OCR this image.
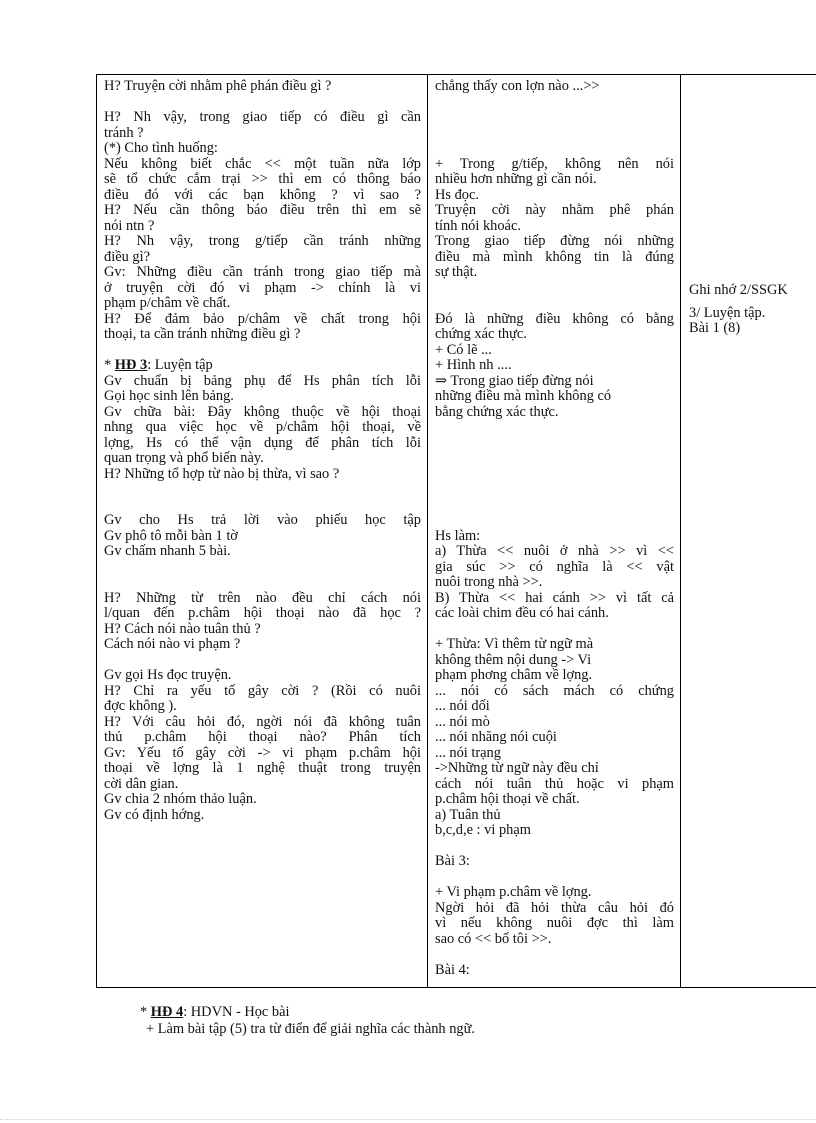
H? Truyện cời nhằm phê phán điều gì ?
H? Nh vậy, trong giao tiếp có điều gì cần
tránh ?
(*) Cho tình huống:
Nếu không biết chắc << một tuần nữa lớp
sẽ tổ chức cắm trại >> thì em có thông báo
điều đó với các bạn không ? vì sao ?
H? Nếu cần thông báo điều trên thì em sẽ
nói ntn ?
H? Nh vậy, trong g/tiếp cần tránh những
điều gì?
Gv: Những điều cần tránh trong giao tiếp mà
ở truyện cời đó vi phạm -> chính là vi
phạm p/châm về chất.
H? Để đảm bảo p/châm về chất trong hội
thoại, ta cần tránh những điều gì ?
* HĐ 3: Luyện tập
Gv chuẩn bị bảng phụ để Hs phân tích lỗi
Gọi học sinh lên bảng.
Gv chữa bài: Đây không thuộc về hội thoại
nhng qua việc học về p/châm hội thoại, về
lợng, Hs có thể vận dụng để phân tích lỗi
quan trọng và phổ biến này.
H? Những tổ hợp từ nào bị thừa, vì sao ?
Gv cho Hs trả lời vào phiếu học tập
Gv phô tô mỗi bàn 1 tờ
Gv chấm nhanh 5 bài.
H? Những từ trên nào đều chỉ cách nói
l/quan đến p.châm hội thoại nào đã học ?
H? Cách nói nào tuân thủ ?
Cách nói nào vi phạm ?
Gv gọi Hs đọc truyện.
H? Chỉ ra yếu tố gây cời ? (Rồi có nuôi
đợc không ).
H? Với câu hỏi đó, ngời nói đã không tuân
thủ p.châm hội thoại nào? Phân tích
Gv: Yếu tố gây cời -> vi phạm p.châm hội
thoại về lợng là 1 nghệ thuật trong truyện
cời dân gian.
Gv chia 2 nhóm thảo luận.
Gv có định hớng.
chẳng thấy con lợn nào ...>>
+ Trong g/tiếp, không nên nói
nhiều hơn những gì cần nói.
Hs đọc.
Truyện cời này nhằm phê phán
tính nói khoác.
Trong giao tiếp đừng nói những
điều mà mình không tin là đúng
sự thật.
Đó là những điều không có bằng
chứng xác thực.
+ Có lẽ ...
+ Hình nh ....
⇒ Trong giao tiếp đừng nói
những điều mà mình không có
bằng chứng xác thực.
Hs làm:
a) Thừa << nuôi ở nhà >> vì <<
gia súc >> có nghĩa là << vật
nuôi trong nhà >>.
B) Thừa << hai cánh >> vì tất cả
các loài chim đều có hai cánh.
+ Thừa: Vì thêm từ ngữ mà
không thêm nội dung -> Vi
phạm phơng châm về lợng.
... nói có sách mách có chứng
... nói dối
... nói mò
... nói nhăng nói cuội
... nói trạng
->Những từ ngữ này đều chỉ
cách nói tuân thủ hoặc vi phạm
p.châm hội thoại về chất.
a) Tuân thủ
b,c,d,e : vi phạm
Bài 3:
+ Vi phạm p.châm về lợng.
Ngời hỏi đã hỏi thừa câu hỏi đó
vì nếu không nuôi đợc thì làm
sao có << bố tôi >>.
Bài 4:
Ghi nhớ 2/SSGK
3/ Luyện tập.
Bài 1 (8)
* HĐ 4: HDVN - Học bài
+ Làm bài tập (5) tra từ điển để giải nghĩa các thành ngữ.
